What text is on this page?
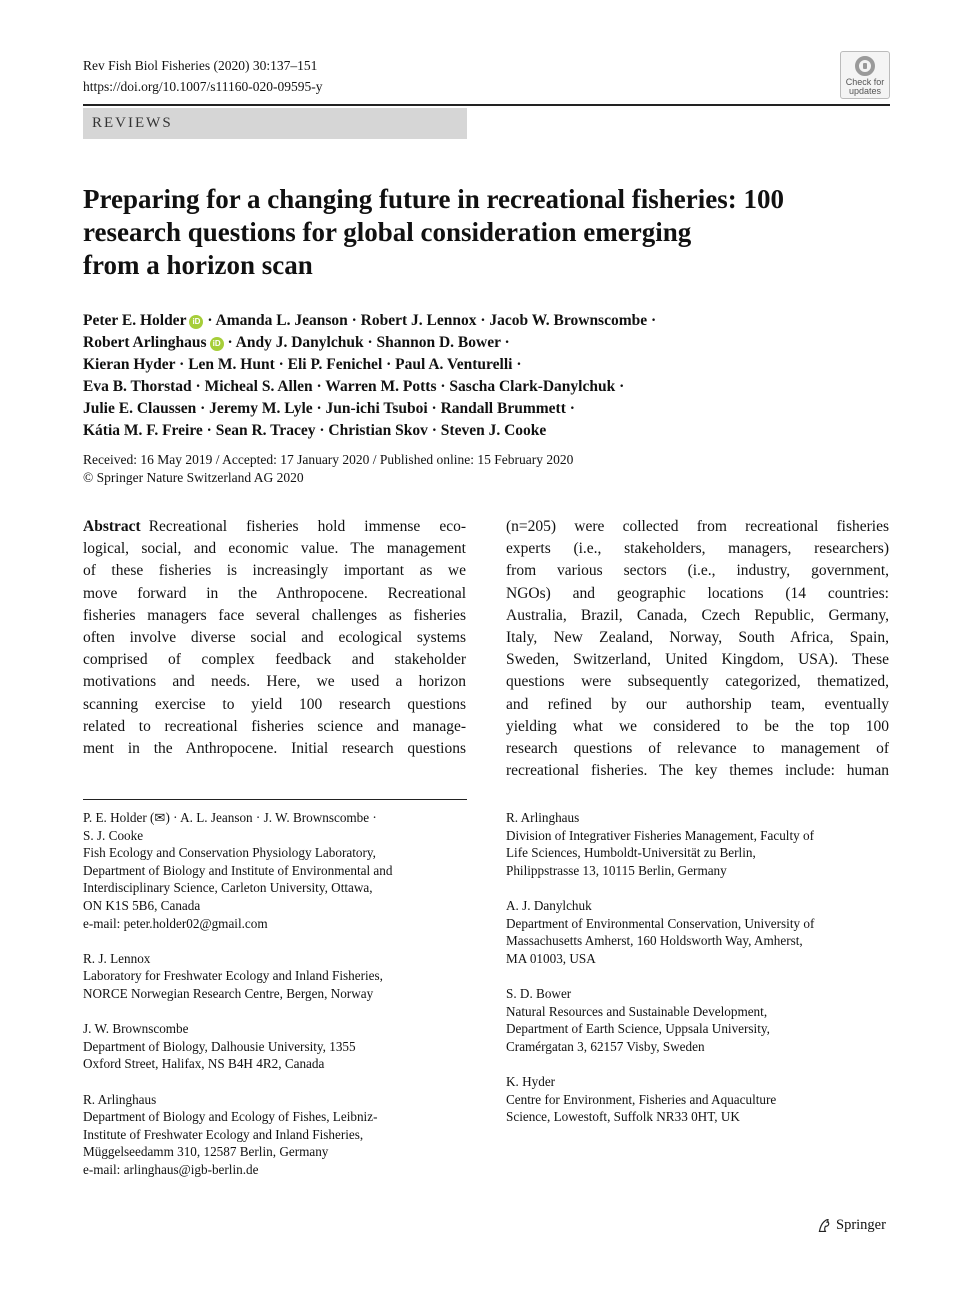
Rev Fish Biol Fisheries (2020) 30:137–151
https://doi.org/10.1007/s11160-020-09595-y	Check for
updates
REVIEWS
Preparing for a changing future in recreational fisheries: 100
research questions for global consideration emerging
from a horizon scan
Peter E. Holder iD · Amanda L. Jeanson · Robert J. Lennox · Jacob W. Brownscombe ·
Robert Arlinghaus iD · Andy J. Danylchuk · Shannon D. Bower ·
Kieran Hyder · Len M. Hunt · Eli P. Fenichel · Paul A. Venturelli ·
Eva B. Thorstad · Micheal S. Allen · Warren M. Potts · Sascha Clark-Danylchuk ·
Julie E. Claussen · Jeremy M. Lyle · Jun-ichi Tsuboi · Randall Brummett ·
Kátia M. F. Freire · Sean R. Tracey · Christian Skov · Steven J. Cooke
Received: 16 May 2019 / Accepted: 17 January 2020 / Published online: 15 February 2020
© Springer Nature Switzerland AG 2020
Abstract Recreational fisheries hold immense eco-
logical, social, and economic value. The management
of these fisheries is increasingly important as we
move forward in the Anthropocene. Recreational
fisheries managers face several challenges as fisheries
often involve diverse social and ecological systems
comprised of complex feedback and stakeholder
motivations and needs. Here, we used a horizon
scanning exercise to yield 100 research questions
related to recreational fisheries science and manage-
ment in the Anthropocene. Initial research questions
(n=205) were collected from recreational fisheries
experts (i.e., stakeholders, managers, researchers)
from various sectors (i.e., industry, government,
NGOs) and geographic locations (14 countries:
Australia, Brazil, Canada, Czech Republic, Germany,
Italy, New Zealand, Norway, South Africa, Spain,
Sweden, Switzerland, United Kingdom, USA). These
questions were subsequently categorized, thematized,
and refined by our authorship team, eventually
yielding what we considered to be the top 100
research questions of relevance to management of
recreational fisheries. The key themes include: human
P. E. Holder (✉) · A. L. Jeanson · J. W. Brownscombe ·
S. J. Cooke
Fish Ecology and Conservation Physiology Laboratory,
Department of Biology and Institute of Environmental and
Interdisciplinary Science, Carleton University, Ottawa,
ON K1S 5B6, Canada
e-mail: peter.holder02@gmail.com
R. J. Lennox
Laboratory for Freshwater Ecology and Inland Fisheries,
NORCE Norwegian Research Centre, Bergen, Norway
J. W. Brownscombe
Department of Biology, Dalhousie University, 1355
Oxford Street, Halifax, NS B4H 4R2, Canada
R. Arlinghaus
Department of Biology and Ecology of Fishes, Leibniz-
Institute of Freshwater Ecology and Inland Fisheries,
Müggelseedamm 310, 12587 Berlin, Germany
e-mail: arlinghaus@igb-berlin.de
R. Arlinghaus
Division of Integrativer Fisheries Management, Faculty of
Life Sciences, Humboldt-Universität zu Berlin,
Philippstrasse 13, 10115 Berlin, Germany
A. J. Danylchuk
Department of Environmental Conservation, University of
Massachusetts Amherst, 160 Holdsworth Way, Amherst,
MA 01003, USA
S. D. Bower
Natural Resources and Sustainable Development,
Department of Earth Science, Uppsala University,
Cramérgatan 3, 62157 Visby, Sweden
K. Hyder
Centre for Environment, Fisheries and Aquaculture
Science, Lowestoft, Suffolk NR33 0HT, UK
Springer
